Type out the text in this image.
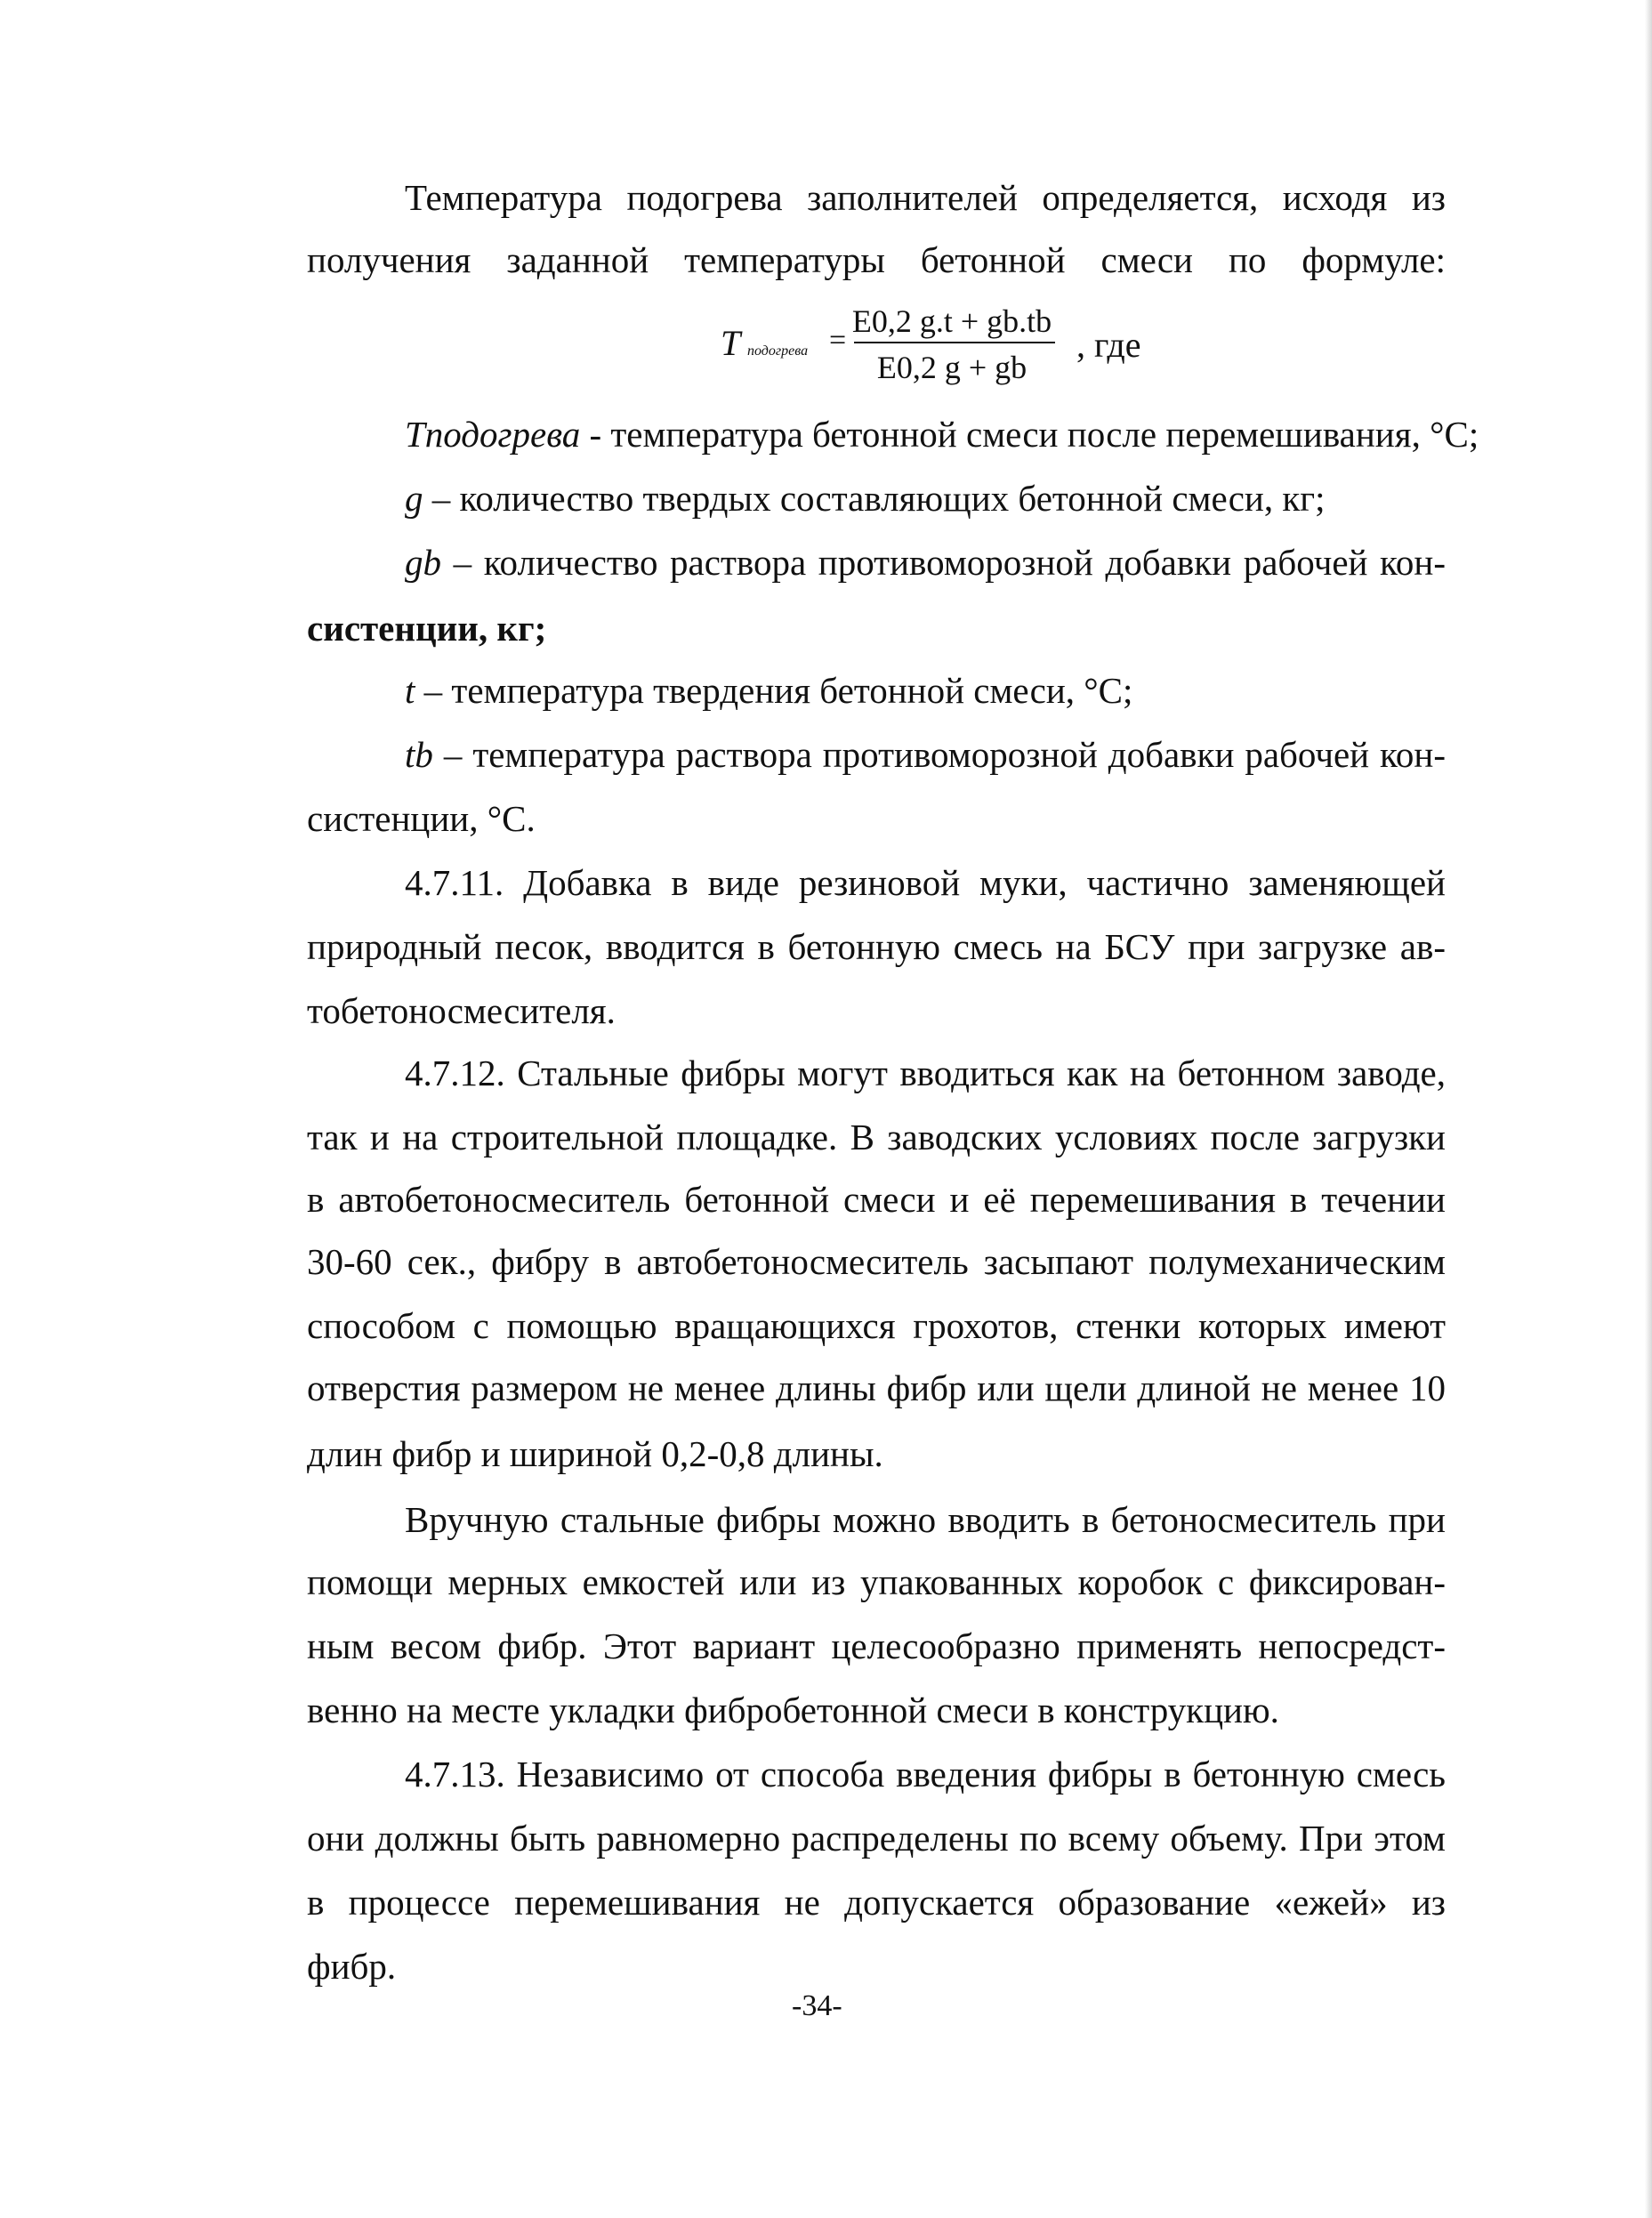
Температура подогрева заполнителей определяется, исходя из
получения заданной температуры бетонной смеси по формуле:
T подогрева =
E0,2 g.t + gb.tb
E0,2 g + gb
, где
Tподогрева - температура бетонной смеси после перемешивания, °С;
g – количество твердых составляющих бетонной смеси, кг;
gb – количество раствора противоморозной добавки рабочей кон-
систенции, кг;
t – температура твердения бетонной смеси, °С;
tb – температура раствора противоморозной добавки рабочей кон-
систенции, °С.
4.7.11. Добавка в виде резиновой муки, частично заменяющей
природный песок, вводится в бетонную смесь на БСУ при загрузке ав-
тобетоносмесителя.
4.7.12. Стальные фибры могут вводиться как на бетонном заводе,
так и на строительной площадке. В заводских условиях после загрузки
в автобетоносмеситель бетонной смеси и её перемешивания в течении
30-60 сек., фибру в автобетоносмеситель засыпают полумеханическим
способом с помощью вращающихся грохотов, стенки которых имеют
отверстия размером не менее длины фибр или щели длиной не менее 10
длин фибр и шириной 0,2-0,8 длины.
Вручную стальные фибры можно вводить в бетоносмеситель при
помощи мерных емкостей или из упакованных коробок с фиксирован-
ным весом фибр. Этот вариант целесообразно применять непосредст-
венно на месте укладки фибробетонной смеси в конструкцию.
4.7.13. Независимо от способа введения фибры в бетонную смесь
они должны быть равномерно распределены по всему объему. При этом
в процессе перемешивания не допускается образование «ежей» из
фибр.
-34-
